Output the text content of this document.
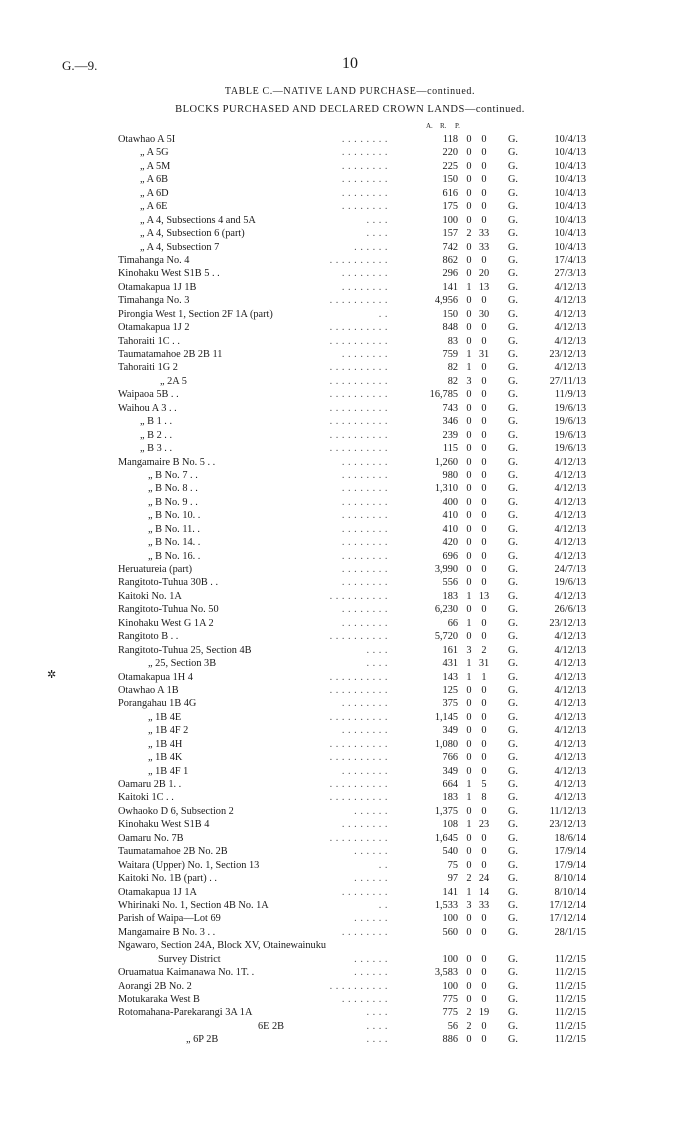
G.—9.	10
TABLE C.—NATIVE LAND PURCHASE—continued.
BLOCKS PURCHASED AND DECLARED CROWN LANDS—continued.
A. R. P.
✲
Otawhao A 5I	. . . . . . . .	118 0 0	G.	10/4/13
„ A 5G	. . . . . . . .	220 0 0	G.	10/4/13
„ A 5M	. . . . . . . .	225 0 0	G.	10/4/13
„ A 6B	. . . . . . . .	150 0 0	G.	10/4/13
„ A 6D	. . . . . . . .	616 0 0	G.	10/4/13
„ A 6E	. . . . . . . .	175 0 0	G.	10/4/13
„ A 4, Subsections 4 and 5A	. . . .	100 0 0	G.	10/4/13
„ A 4, Subsection 6 (part)	. . . .	157 2 33 G.	10/4/13
„ A 4, Subsection 7	. . . . . .	742 0 33 G.	10/4/13
Timahanga No. 4	. . . . . . . . . .	862 0 0	G.	17/4/13
Kinohaku West S1B 5 . .	. . . . . . . .	296 0 20 G.	27/3/13
Otamakapua 1J 1B	. . . . . . . .	141 1 13 G.	4/12/13
Timahanga No. 3	. . . . . . . . . .	4,956 0 0	G.	4/12/13
Pirongia West 1, Section 2F 1A (part)	. .	150 0 30 G.	4/12/13
Otamakapua 1J 2	. . . . . . . . . .	848 0 0	G.	4/12/13
Tahoraiti 1C . .	. . . . . . . . . .	83 0 0	G.	4/12/13
Taumatamahoe 2B 2B 11	. . . . . . . .	759 1 31 G.	23/12/13
Tahoraiti 1G 2	. . . . . . . . . .	82 1 0	G.	4/12/13
„ 2A 5	. . . . . . . . . .	82 3 0	G.	27/11/13
Waipaoa 5B . .	. . . . . . . . . .	16,785 0 0	G.	11/9/13
Waihou A 3 . .	. . . . . . . . . .	743 0 0	G.	19/6/13
„ B 1 . .	. . . . . . . . . .	346 0 0	G.	19/6/13
„ B 2 . .	. . . . . . . . . .	239 0 0	G.	19/6/13
„ B 3 . .	. . . . . . . . . .	115 0 0	G.	19/6/13
Mangamaire B No. 5 . .	. . . . . . . .	1,260 0 0	G.	4/12/13
„ B No. 7 . .	. . . . . . . .	980 0 0	G.	4/12/13
„ B No. 8 . .	. . . . . . . .	1,310 0 0	G.	4/12/13
„ B No. 9 . .	. . . . . . . .	400 0 0	G.	4/12/13
„ B No. 10. .	. . . . . . . .	410 0 0	G.	4/12/13
„ B No. 11. .	. . . . . . . .	410 0 0	G.	4/12/13
„ B No. 14. .	. . . . . . . .	420 0 0	G.	4/12/13
„ B No. 16. .	. . . . . . . .	696 0 0	G.	4/12/13
Heruatureia (part)	. . . . . . . .	3,990 0 0	G.	24/7/13
Rangitoto-Tuhua 30B . .	. . . . . . . .	556 0 0	G.	19/6/13
Kaitoki No. 1A	. . . . . . . . . .	183 1 13 G.	4/12/13
Rangitoto-Tuhua No. 50	. . . . . . . .	6,230 0 0	G.	26/6/13
Kinohaku West G 1A 2	. . . . . . . .	66 1 0	G.	23/12/13
Rangitoto B . .	. . . . . . . . . .	5,720 0 0	G.	4/12/13
Rangitoto-Tuhua 25, Section 4B	. . . .	161 3 2	G.	4/12/13
„ 25, Section 3B	. . . .	431 1 31 G.	4/12/13
Otamakapua 1H 4	. . . . . . . . . .	143 1 1	G.	4/12/13
Otawhao A 1B	. . . . . . . . . .	125 0 0	G.	4/12/13
Porangahau 1B 4G	. . . . . . . .	375 0 0	G.	4/12/13
„ 1B 4E	. . . . . . . . . .	1,145 0 0	G.	4/12/13
„ 1B 4F 2	. . . . . . . .	349 0 0	G.	4/12/13
„ 1B 4H	. . . . . . . . . .	1,080 0 0	G.	4/12/13
„ 1B 4K	. . . . . . . . . .	766 0 0	G.	4/12/13
„ 1B 4F 1	. . . . . . . .	349 0 0	G.	4/12/13
Oamaru 2B 1. .	. . . . . . . . . .	664 1 5	G.	4/12/13
Kaitoki 1C . .	. . . . . . . . . .	183 1 8	G.	4/12/13
Owhaoko D 6, Subsection 2	. . . . . .	1,375 0 0	G.	11/12/13
Kinohaku West S1B 4	. . . . . . . .	108 1 23 G.	23/12/13
Oamaru No. 7B	. . . . . . . . . .	1,645 0 0	G.	18/6/14
Taumatamahoe 2B No. 2B	. . . . . .	540 0 0	G.	17/9/14
Waitara (Upper) No. 1, Section 13	. .	75 0 0	G.	17/9/14
Kaitoki No. 1B (part) . .	. . . . . .	97 2 24 G.	8/10/14
Otamakapua 1J 1A	. . . . . . . .	141 1 14 G.	8/10/14
Whirinaki No. 1, Section 4B No. 1A	. .	1,533 3 33 G.	17/12/14
Parish of Waipa—Lot 69	. . . . . .	100 0 0	G.	17/12/14
Mangamaire B No. 3 . .	. . . . . . . .	560 0 0	G.	28/1/15
Ngawaro, Section 24A, Block XV, Otainewainuku
Survey District	. . . . . .	100 0 0	G.	11/2/15
Oruamatua Kaimanawa No. 1T. .	. . . . . .	3,583 0 0	G.	11/2/15
Aorangi 2B No. 2	. . . . . . . . . .	100 0 0	G.	11/2/15
Motukaraka West B	. . . . . . . .	775 0 0	G.	11/2/15
Rotomahana-Parekarangi 3A 1A	. . . .	775 2 19 G.	11/2/15
6E 2B	. . . .	56 2 0	G.	11/2/15
„ 6P 2B	. . . .	886 0 0	G.	11/2/15
